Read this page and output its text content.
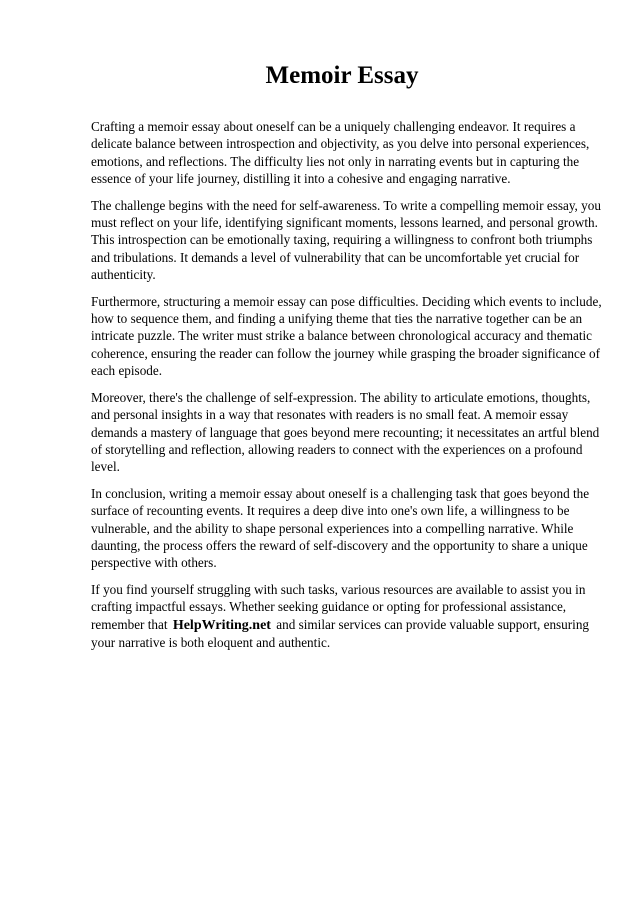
Memoir Essay

Crafting a memoir essay about oneself can be a uniquely challenging endeavor. It requires a delicate balance between introspection and objectivity, as you delve into personal experiences, emotions, and reflections. The difficulty lies not only in narrating events but in capturing the essence of your life journey, distilling it into a cohesive and engaging narrative.

The challenge begins with the need for self-awareness. To write a compelling memoir essay, you must reflect on your life, identifying significant moments, lessons learned, and personal growth. This introspection can be emotionally taxing, requiring a willingness to confront both triumphs and tribulations. It demands a level of vulnerability that can be uncomfortable yet crucial for authenticity.

Furthermore, structuring a memoir essay can pose difficulties. Deciding which events to include, how to sequence them, and finding a unifying theme that ties the narrative together can be an intricate puzzle. The writer must strike a balance between chronological accuracy and thematic coherence, ensuring the reader can follow the journey while grasping the broader significance of each episode.

Moreover, there's the challenge of self-expression. The ability to articulate emotions, thoughts, and personal insights in a way that resonates with readers is no small feat. A memoir essay demands a mastery of language that goes beyond mere recounting; it necessitates an artful blend of storytelling and reflection, allowing readers to connect with the experiences on a profound level.

In conclusion, writing a memoir essay about oneself is a challenging task that goes beyond the surface of recounting events. It requires a deep dive into one's own life, a willingness to be vulnerable, and the ability to shape personal experiences into a compelling narrative. While daunting, the process offers the reward of self-discovery and the opportunity to share a unique perspective with others.

If you find yourself struggling with such tasks, various resources are available to assist you in crafting impactful essays. Whether seeking guidance or opting for professional assistance, remember that HelpWriting.net and similar services can provide valuable support, ensuring your narrative is both eloquent and authentic.
